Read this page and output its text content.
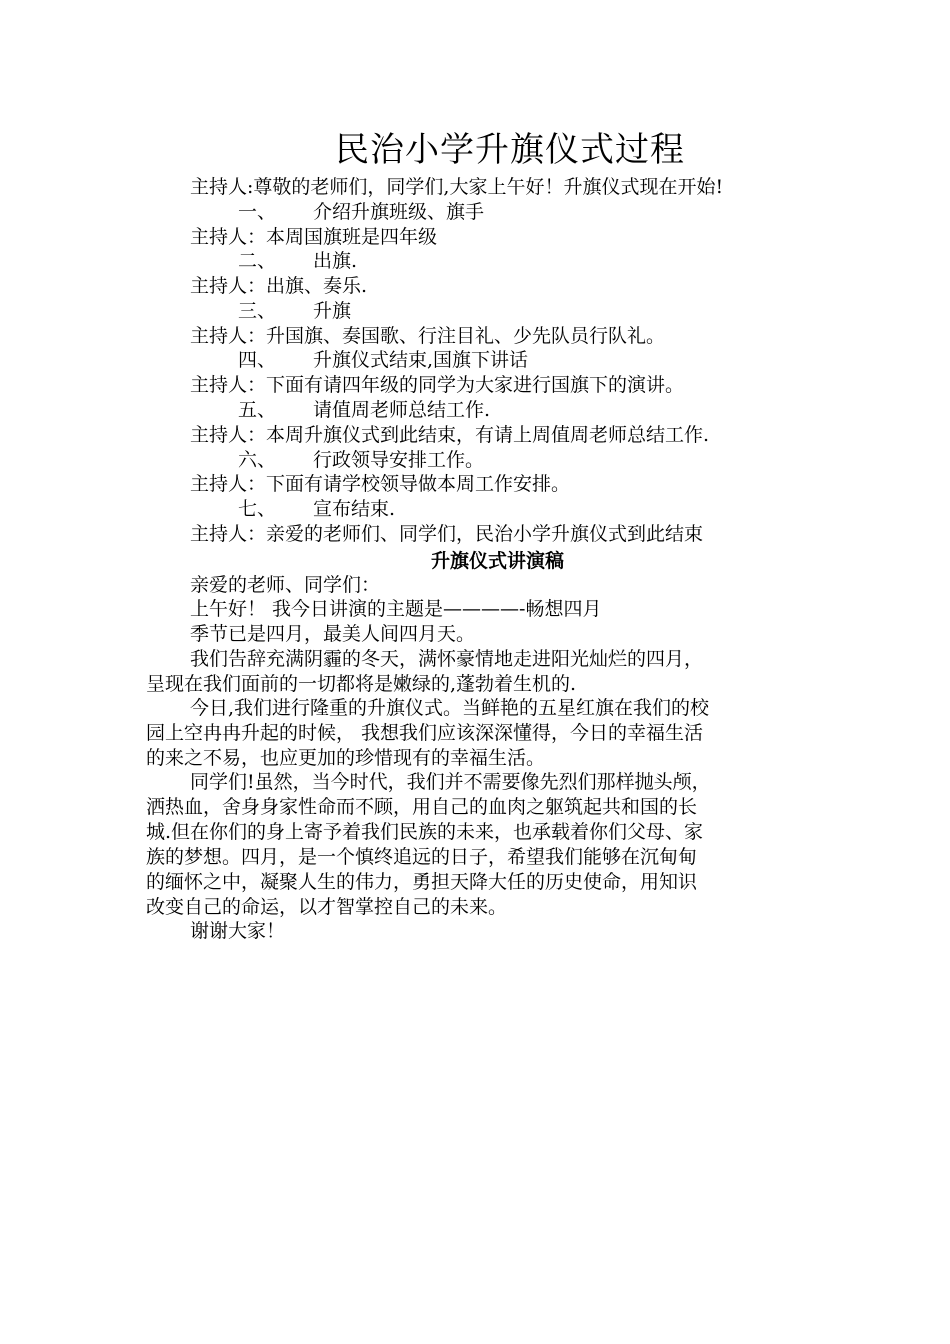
民治小学升旗仪式过程
主持人:尊敬的老师们，同学们,大家上午好！升旗仪式现在开始!
一、 介绍升旗班级、旗手
主持人：本周国旗班是四年级
二、 出旗.
主持人：出旗、奏乐.
三、 升旗
主持人：升国旗、奏国歌、行注目礼、少先队员行队礼。
四、 升旗仪式结束,国旗下讲话
主持人：下面有请四年级的同学为大家进行国旗下的演讲。
五、 请值周老师总结工作.
主持人：本周升旗仪式到此结束，有请上周值周老师总结工作.
六、 行政领导安排工作。
主持人：下面有请学校领导做本周工作安排。
七、 宣布结束.
主持人：亲爱的老师们、同学们，民治小学升旗仪式到此结束
升旗仪式讲演稿
亲爱的老师、同学们：
上午好！ 我今日讲演的主题是————-畅想四月
季节已是四月，最美人间四月天。
我们告辞充满阴霾的冬天，满怀豪情地走进阳光灿烂的四月，
呈现在我们面前的一切都将是嫩绿的,蓬勃着生机的.
今日,我们进行隆重的升旗仪式。当鲜艳的五星红旗在我们的校
园上空冉冉升起的时候， 我想我们应该深深懂得，今日的幸福生活
的来之不易，也应更加的珍惜现有的幸福生活。
同学们!虽然，当今时代，我们并不需要像先烈们那样抛头颅，
洒热血，舍身身家性命而不顾，用自己的血肉之躯筑起共和国的长
城.但在你们的身上寄予着我们民族的未来，也承载着你们父母、家
族的梦想。四月，是一个慎终追远的日子，希望我们能够在沉甸甸
的缅怀之中，凝聚人生的伟力，勇担天降大任的历史使命，用知识
改变自己的命运，以才智掌控自己的未来。
谢谢大家！
